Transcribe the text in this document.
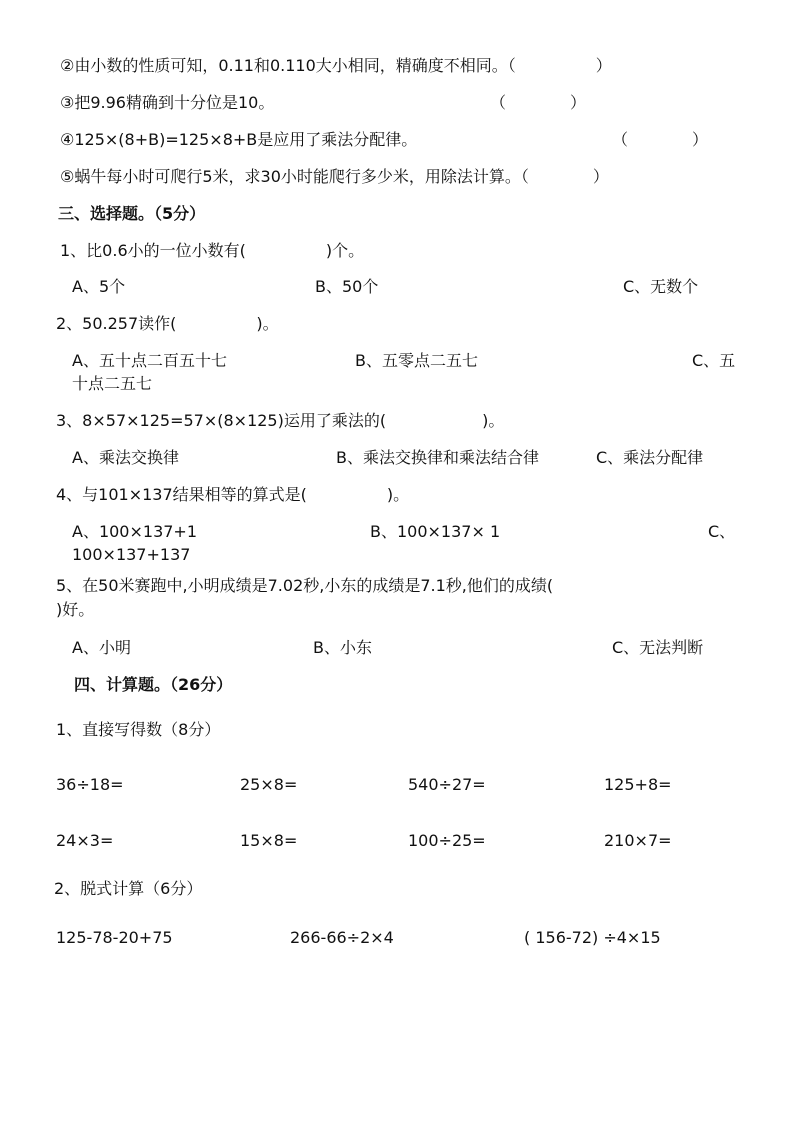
②由小数的性质可知，0.11和0.110大小相同，精确度不相同。（　　　　　）
③把9.96精确到十分位是10。	（　　　　）
④125×(8+B)=125×8+B是应用了乘法分配律。	（　　　　）
⑤蜗牛每小时可爬行5米，求30小时能爬行多少米，用除法计算。（　　　　）
三、选择题。（5分）
1、比0.6小的一位小数有(　　　　　)个。
A、5个	B、50个	C、无数个
2、50.257读作(　　　　　)。
A、五十点二百五十七	B、五零点二五七	C、五
十点二五七
3、8×57×125=57×(8×125)运用了乘法的(　　　　　　)。
A、乘法交换律	B、乘法交换律和乘法结合律	C、乘法分配律
4、与101×137结果相等的算式是(　　　　　)。
A、100×137+1	B、100×137× 1	C、
100×137+137
5、在50米赛跑中,小明成绩是7.02秒,小东的成绩是7.1秒,他们的成绩(
)好。
A、小明	B、小东	C、无法判断
四、计算题。（26分）
1、直接写得数（8分）
36÷18=	25×8=	540÷27=	125+8=
24×3=	15×8=	100÷25=	210×7=
2、脱式计算（6分）
125-78-20+75	266-66÷2×4	( 156-72) ÷4×15
